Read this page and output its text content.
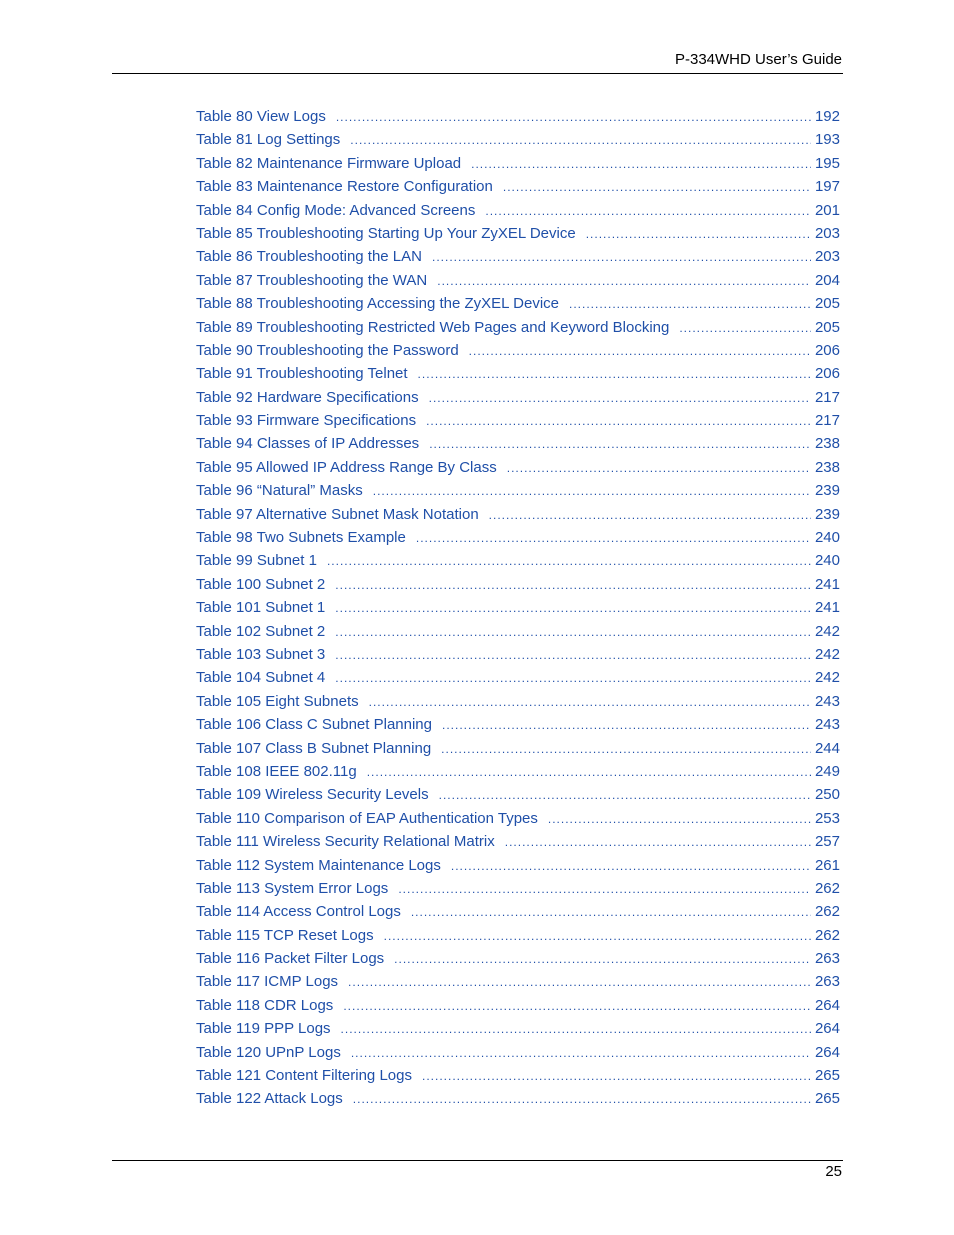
P-334WHD User’s Guide
Table 80 View Logs .....	192
Table 81 Log Settings .....	193
Table 82 Maintenance Firmware Upload .....	195
Table 83 Maintenance Restore Configuration .....	197
Table 84 Config Mode: Advanced Screens .....	201
Table 85 Troubleshooting Starting Up Your ZyXEL Device .....	203
Table 86 Troubleshooting the LAN .....	203
Table 87 Troubleshooting the WAN .....	204
Table 88 Troubleshooting Accessing the ZyXEL Device .....	205
Table 89 Troubleshooting Restricted Web Pages and Keyword Blocking .....	205
Table 90 Troubleshooting the Password .....	206
Table 91 Troubleshooting Telnet .....	206
Table 92 Hardware Specifications .....	217
Table 93 Firmware Specifications .....	217
Table 94 Classes of IP Addresses .....	238
Table 95 Allowed IP Address Range By Class .....	238
Table 96 “Natural” Masks .....	239
Table 97 Alternative Subnet Mask Notation .....	239
Table 98 Two Subnets Example .....	240
Table 99 Subnet 1 .....	240
Table 100 Subnet 2 .....	241
Table 101 Subnet 1 .....	241
Table 102 Subnet 2 .....	242
Table 103 Subnet 3 .....	242
Table 104 Subnet 4 .....	242
Table 105 Eight Subnets .....	243
Table 106 Class C Subnet Planning .....	243
Table 107 Class B Subnet Planning .....	244
Table 108 IEEE 802.11g .....	249
Table 109 Wireless Security Levels .....	250
Table 110 Comparison of EAP Authentication Types .....	253
Table 111 Wireless Security Relational Matrix .....	257
Table 112 System Maintenance Logs .....	261
Table 113 System Error Logs .....	262
Table 114 Access Control Logs .....	262
Table 115 TCP Reset Logs .....	262
Table 116 Packet Filter Logs .....	263
Table 117 ICMP Logs .....	263
Table 118 CDR Logs .....	264
Table 119 PPP Logs .....	264
Table 120 UPnP Logs .....	264
Table 121 Content Filtering Logs .....	265
Table 122 Attack Logs .....	265
25
